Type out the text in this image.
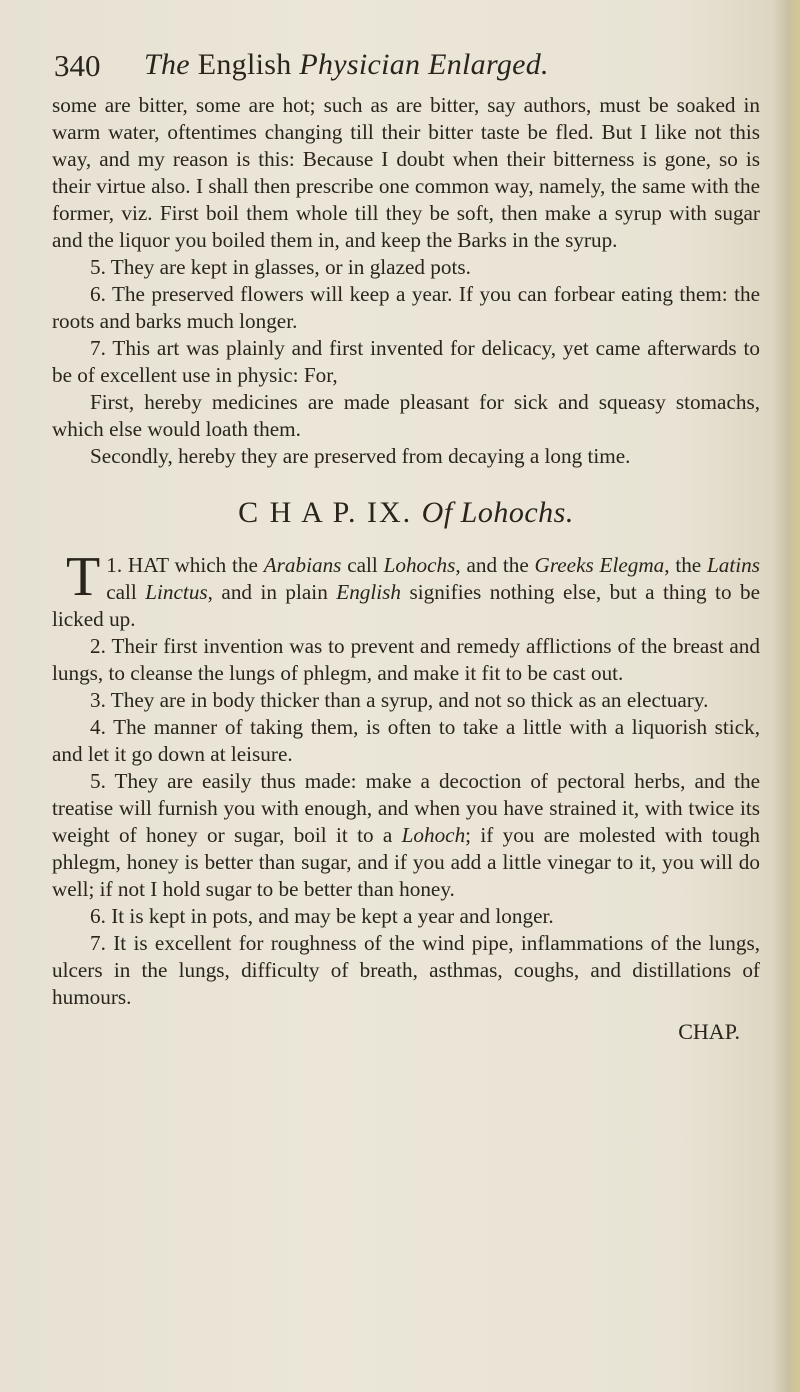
340 The English Physician Enlarged.

some are bitter, some are hot; such as are bitter, say authors, must be soaked in warm water, oftentimes changing till their bitter taste be fled. But I like not this way, and my reason is this: Because I doubt when their bitterness is gone, so is their virtue also. I shall then prescribe one common way, namely, the same with the former, viz. First boil them whole till they be soft, then make a syrup with sugar and the liquor you boiled them in, and keep the Barks in the syrup.

5. They are kept in glasses, or in glazed pots.

6. The preserved flowers will keep a year. If you can forbear eating them: the roots and barks much longer.

7. This art was plainly and first invented for delicacy, yet came afterwards to be of excellent use in physic: For,

First, hereby medicines are made pleasant for sick and squeasy stomachs, which else would loath them.

Secondly, hereby they are preserved from decaying a long time.

C H A P. IX. Of Lohochs.

1.
T HAT which the Arabians call Lohochs, and the Greeks Elegma, the Latins call Linctus, and in plain English signifies nothing else, but a thing to be licked up.

2. Their first invention was to prevent and remedy afflictions of the breast and lungs, to cleanse the lungs of phlegm, and make it fit to be cast out.

3. They are in body thicker than a syrup, and not so thick as an electuary.

4. The manner of taking them, is often to take a little with a liquorish stick, and let it go down at leisure.

5. They are easily thus made: make a decoction of pectoral herbs, and the treatise will furnish you with enough, and when you have strained it, with twice its weight of honey or sugar, boil it to a Lohoch; if you are molested with tough phlegm, honey is better than sugar, and if you add a little vinegar to it, you will do well; if not I hold sugar to be better than honey.

6. It is kept in pots, and may be kept a year and longer.

7. It is excellent for roughness of the wind pipe, inflammations of the lungs, ulcers in the lungs, difficulty of breath, asthmas, coughs, and distillations of humours.

CHAP.
